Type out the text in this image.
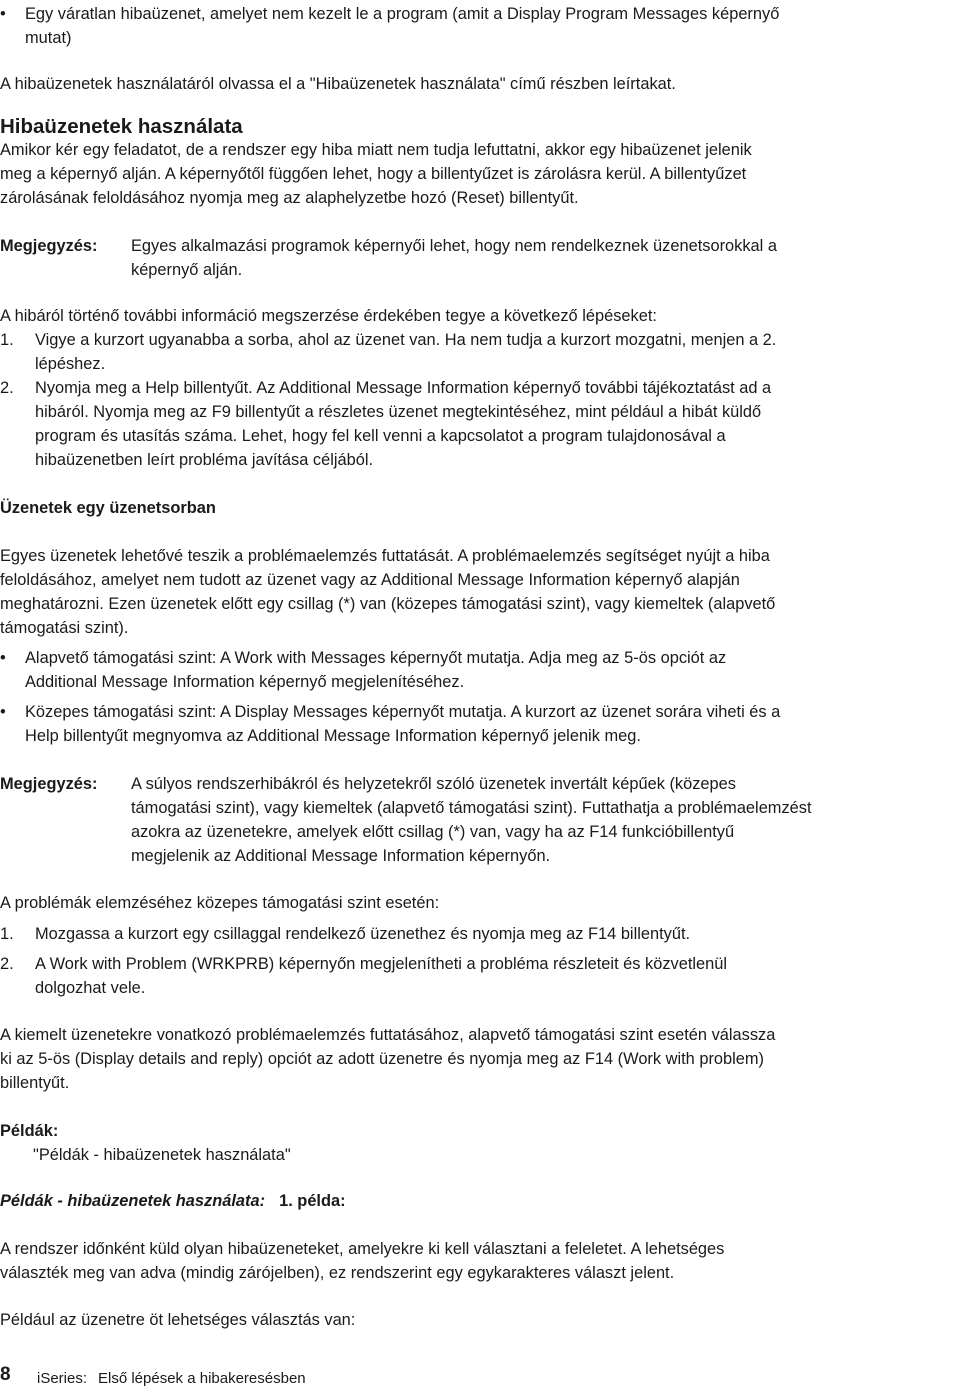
• Egy váratlan hibaüzenet, amelyet nem kezelt le a program (amit a Display Program Messages képernyő
mutat)
A hibaüzenetek használatáról olvassa el a "Hibaüzenetek használata" című részben leírtakat.
Hibaüzenetek használata
Amikor kér egy feladatot, de a rendszer egy hiba miatt nem tudja lefuttatni, akkor egy hibaüzenet jelenik
meg a képernyő alján. A képernyőtől függően lehet, hogy a billentyűzet is zárolásra kerül. A billentyűzet
zárolásának feloldásához nyomja meg az alaphelyzetbe hozó (Reset) billentyűt.
Megjegyzés: Egyes alkalmazási programok képernyői lehet, hogy nem rendelkeznek üzenetsorokkal a
képernyő alján.
A hibáról történő további információ megszerzése érdekében tegye a következő lépéseket:
1. Vigye a kurzort ugyanabba a sorba, ahol az üzenet van. Ha nem tudja a kurzort mozgatni, menjen a 2.
lépéshez.
2. Nyomja meg a Help billentyűt. Az Additional Message Information képernyő további tájékoztatást ad a
hibáról. Nyomja meg az F9 billentyűt a részletes üzenet megtekintéséhez, mint például a hibát küldő
program és utasítás száma. Lehet, hogy fel kell venni a kapcsolatot a program tulajdonosával a
hibaüzenetben leírt probléma javítása céljából.
Üzenetek egy üzenetsorban
Egyes üzenetek lehetővé teszik a problémaelemzés futtatását. A problémaelemzés segítséget nyújt a hiba
feloldásához, amelyet nem tudott az üzenet vagy az Additional Message Information képernyő alapján
meghatározni. Ezen üzenetek előtt egy csillag (*) van (közepes támogatási szint), vagy kiemeltek (alapvető
támogatási szint).
• Alapvető támogatási szint: A Work with Messages képernyőt mutatja. Adja meg az 5-ös opciót az
Additional Message Information képernyő megjelenítéséhez.
• Közepes támogatási szint: A Display Messages képernyőt mutatja. A kurzort az üzenet sorára viheti és a
Help billentyűt megnyomva az Additional Message Information képernyő jelenik meg.
Megjegyzés: A súlyos rendszerhibákról és helyzetekről szóló üzenetek invertált képűek (közepes
támogatási szint), vagy kiemeltek (alapvető támogatási szint). Futtathatja a problémaelemzést
azokra az üzenetekre, amelyek előtt csillag (*) van, vagy ha az F14 funkcióbillentyű
megjelenik az Additional Message Information képernyőn.
A problémák elemzéséhez közepes támogatási szint esetén:
1. Mozgassa a kurzort egy csillaggal rendelkező üzenethez és nyomja meg az F14 billentyűt.
2. A Work with Problem (WRKPRB) képernyőn megjelenítheti a probléma részleteit és közvetlenül
dolgozhat vele.
A kiemelt üzenetekre vonatkozó problémaelemzés futtatásához, alapvető támogatási szint esetén válassza
ki az 5-ös (Display details and reply) opciót az adott üzenetre és nyomja meg az F14 (Work with problem)
billentyűt.
Példák:
"Példák - hibaüzenetek használata"
Példák - hibaüzenetek használata: 1. példa:
A rendszer időnként küld olyan hibaüzeneteket, amelyekre ki kell választani a feleletet. A lehetséges
választék meg van adva (mindig zárójelben), ez rendszerint egy egykarakteres választ jelent.
Például az üzenetre öt lehetséges választás van:
8 iSeries: Első lépések a hibakeresésben
